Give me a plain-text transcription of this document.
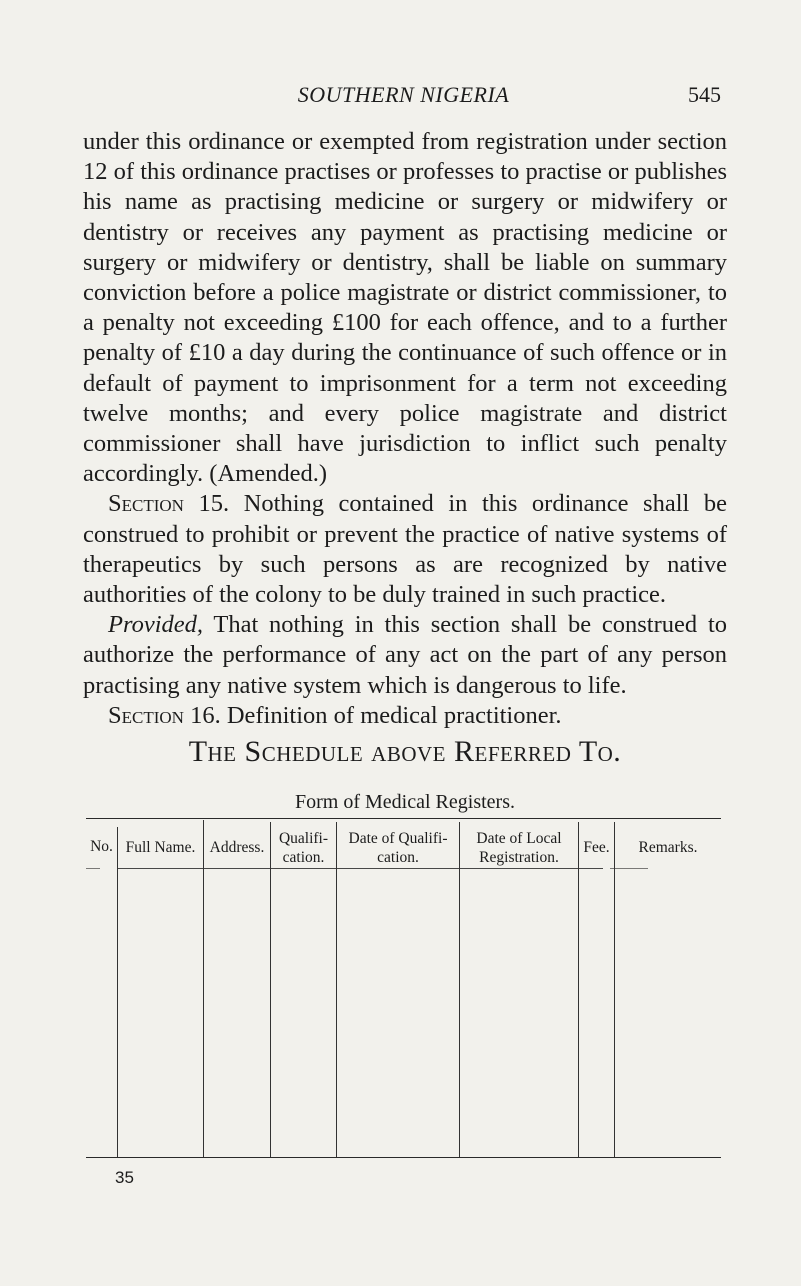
SOUTHERN NIGERIA	545

under this ordinance or exempted from registration under section 12 of this ordinance practises or professes to practise or publishes his name as practising medicine or surgery or midwifery or dentistry or receives any payment as practising medicine or surgery or midwifery or dentistry, shall be liable on summary conviction before a police magistrate or district commissioner, to a penalty not exceeding £100 for each offence, and to a further penalty of £10 a day during the continuance of such offence or in default of payment to imprisonment for a term not exceeding twelve months; and every police magistrate and district commissioner shall have jurisdiction to inflict such penalty accordingly. (Amended.)

Section 15. Nothing contained in this ordinance shall be construed to prohibit or prevent the practice of native systems of therapeutics by such persons as are recognized by native authorities of the colony to be duly trained in such practice.

Provided, That nothing in this section shall be construed to authorize the performance of any act on the part of any person practising any native system which is dangerous to life.

Section 16. Definition of medical practitioner.

The Schedule above Referred To.
Form of Medical Registers.
No. Full Name. Address.
Qualifi-
cation.
Date of Qualifi-
cation.
Date of Local
Registration.
Fee.	Remarks.
35
